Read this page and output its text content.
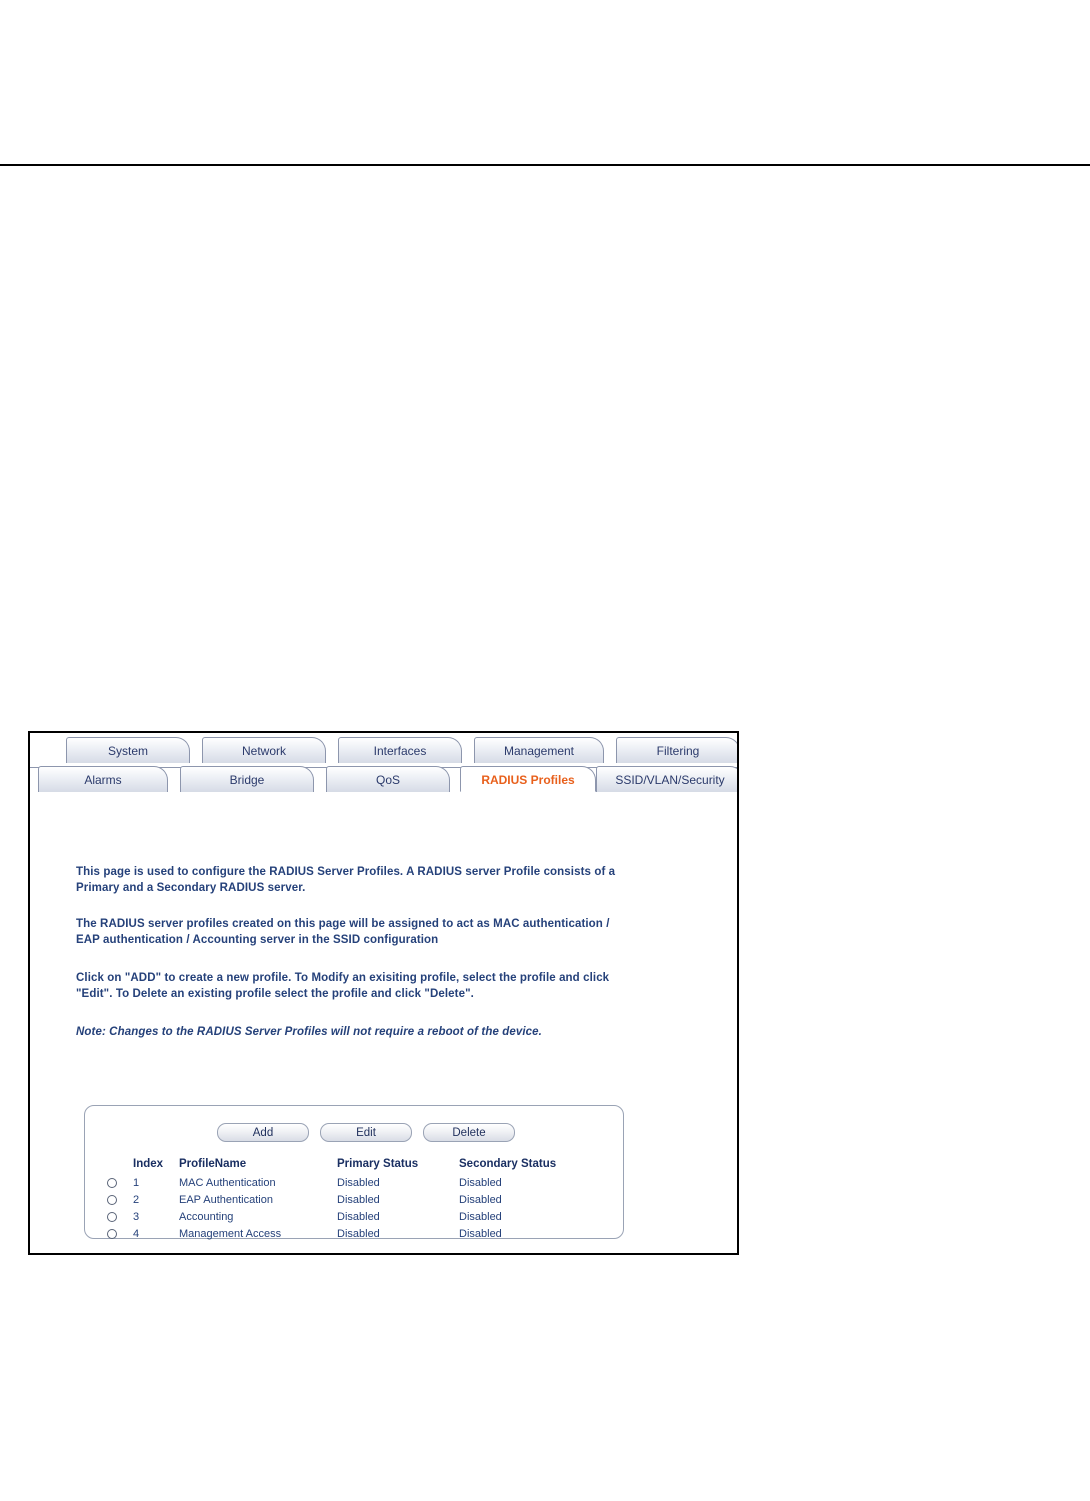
System	Network	Interfaces	Management	Filtering
Alarms	Bridge	QoS	RADIUS Profiles	SSID/VLAN/Security
This page is used to configure the RADIUS Server Profiles. A RADIUS server Profile consists of a Primary and a Secondary RADIUS server.
The RADIUS server profiles created on this page will be assigned to act as MAC authentication / EAP authentication / Accounting server in the SSID configuration
Click on "ADD" to create a new profile. To Modify an exisiting profile, select the profile and click "Edit". To Delete an existing profile select the profile and click "Delete".
Note: Changes to the RADIUS Server Profiles will not require a reboot of the device.
Add	Edit	Delete
	Index	ProfileName	Primary Status	Secondary Status
	1	MAC Authentication	Disabled	Disabled
	2	EAP Authentication	Disabled	Disabled
	3	Accounting	Disabled	Disabled
	4	Management Access	Disabled	Disabled
